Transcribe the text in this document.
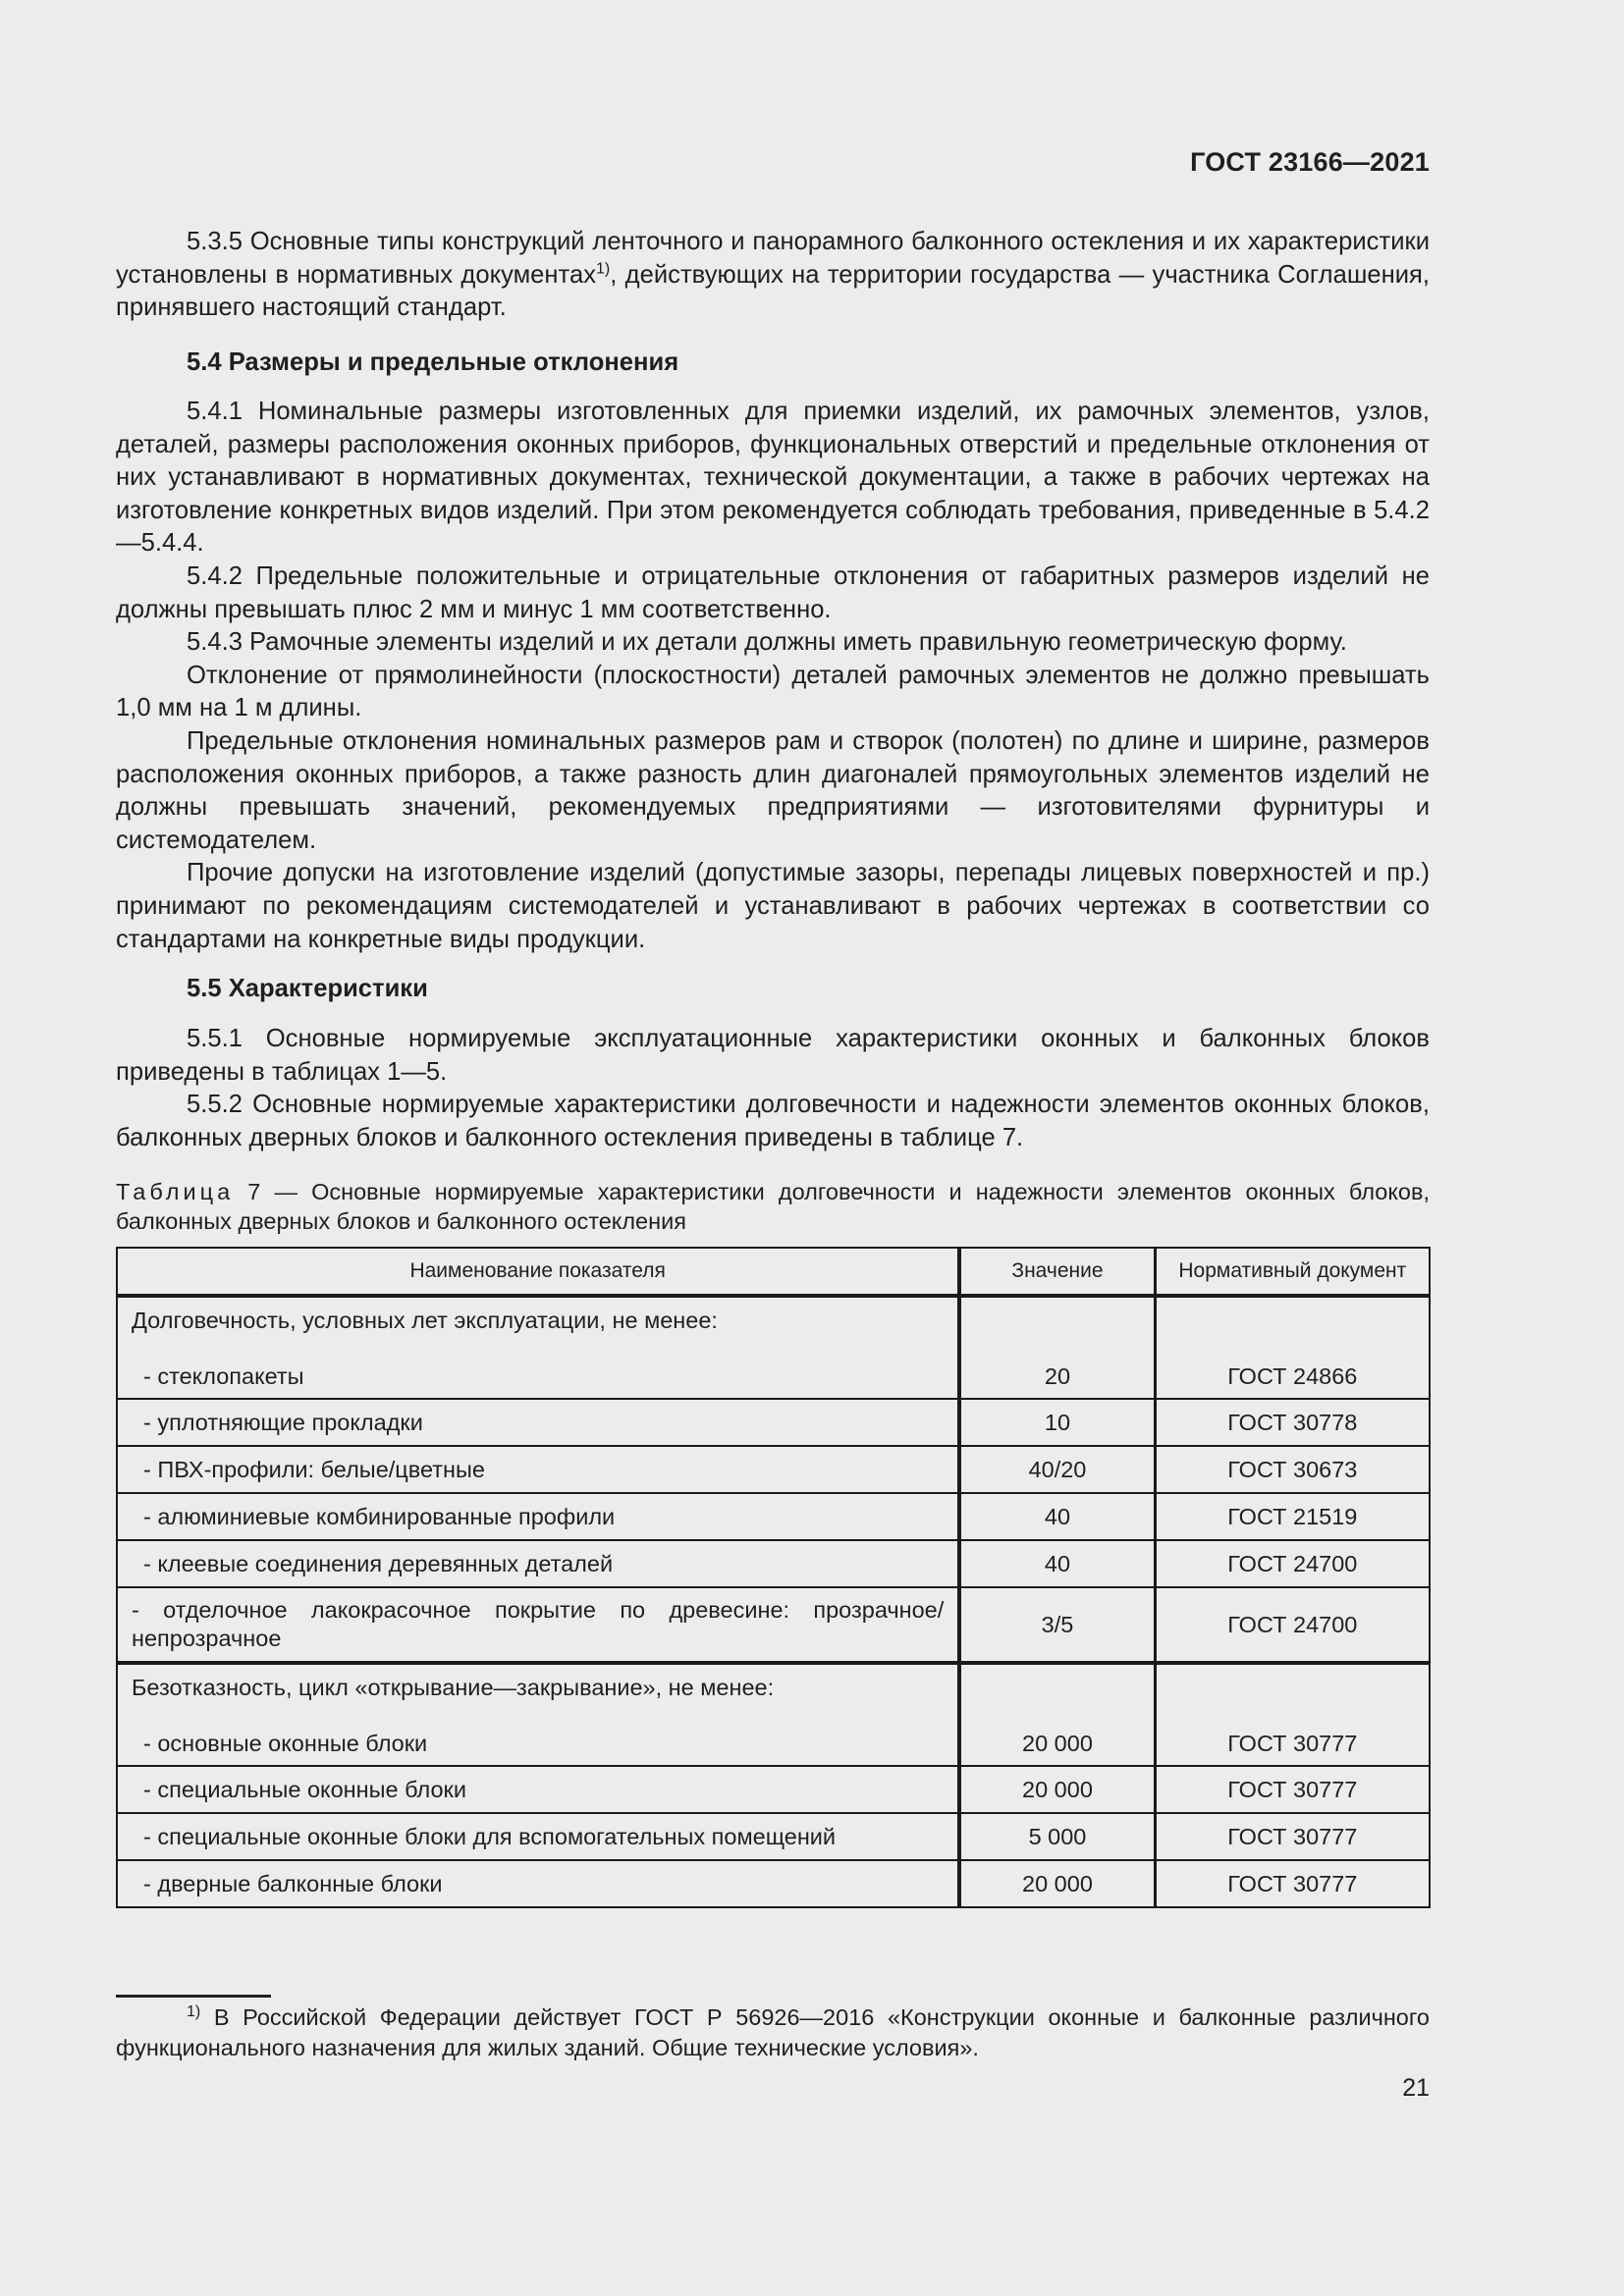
ГОСТ 23166—2021

5.3.5 Основные типы конструкций ленточного и панорамного балконного остекления и их характеристики установлены в нормативных документах$^{1)}$, действующих на территории государства — участника Соглашения, принявшего настоящий стандарт.

5.4 Размеры и предельные отклонения

5.4.1 Номинальные размеры изготовленных для приемки изделий, их рамочных элементов, узлов, деталей, размеры расположения оконных приборов, функциональных отверстий и предельные отклонения от них устанавливают в нормативных документах, технической документации, а также в рабочих чертежах на изготовление конкретных видов изделий. При этом рекомендуется соблюдать требования, приведенные в 5.4.2—5.4.4.

5.4.2 Предельные положительные и отрицательные отклонения от габаритных размеров изделий не должны превышать плюс 2 мм и минус 1 мм соответственно.

5.4.3 Рамочные элементы изделий и их детали должны иметь правильную геометрическую форму.

Отклонение от прямолинейности (плоскостности) деталей рамочных элементов не должно превышать 1,0 мм на 1 м длины.

Предельные отклонения номинальных размеров рам и створок (полотен) по длине и ширине, размеров расположения оконных приборов, а также разность длин диагоналей прямоугольных элементов изделий не должны превышать значений, рекомендуемых предприятиями — изготовителями фурнитуры и системодателем.

Прочие допуски на изготовление изделий (допустимые зазоры, перепады лицевых поверхностей и пр.) принимают по рекомендациям системодателей и устанавливают в рабочих чертежах в соответствии со стандартами на конкретные виды продукции.

5.5 Характеристики

5.5.1 Основные нормируемые эксплуатационные характеристики оконных и балконных блоков приведены в таблицах 1—5.

5.5.2 Основные нормируемые характеристики долговечности и надежности элементов оконных блоков, балконных дверных блоков и балконного остекления приведены в таблице 7.

Таблица 7 — Основные нормируемые характеристики долговечности и надежности элементов оконных блоков, балконных дверных блоков и балконного остекления
Наименование показателя	Значение	Нормативный документ
Долговечность, условных лет эксплуатации, не менее:		
- стеклопакеты	20	ГОСТ 24866
- уплотняющие прокладки	10	ГОСТ 30778
- ПВХ-профили: белые/цветные	40/20	ГОСТ 30673
- алюминиевые комбинированные профили	40	ГОСТ 21519
- клеевые соединения деревянных деталей	40	ГОСТ 24700
- отделочное лакокрасочное покрытие по древесине: прозрачное/непрозрачное	3/5	ГОСТ 24700
Безотказность, цикл «открывание—закрывание», не менее:		
- основные оконные блоки	20 000	ГОСТ 30777
- специальные оконные блоки	20 000	ГОСТ 30777
- специальные оконные блоки для вспомогательных помещений	5 000	ГОСТ 30777
- дверные балконные блоки	20 000	ГОСТ 30777
$^{1)}$ В Российской Федерации действует ГОСТ Р 56926—2016 «Конструкции оконные и балконные различного функционального назначения для жилых зданий. Общие технические условия».
21
